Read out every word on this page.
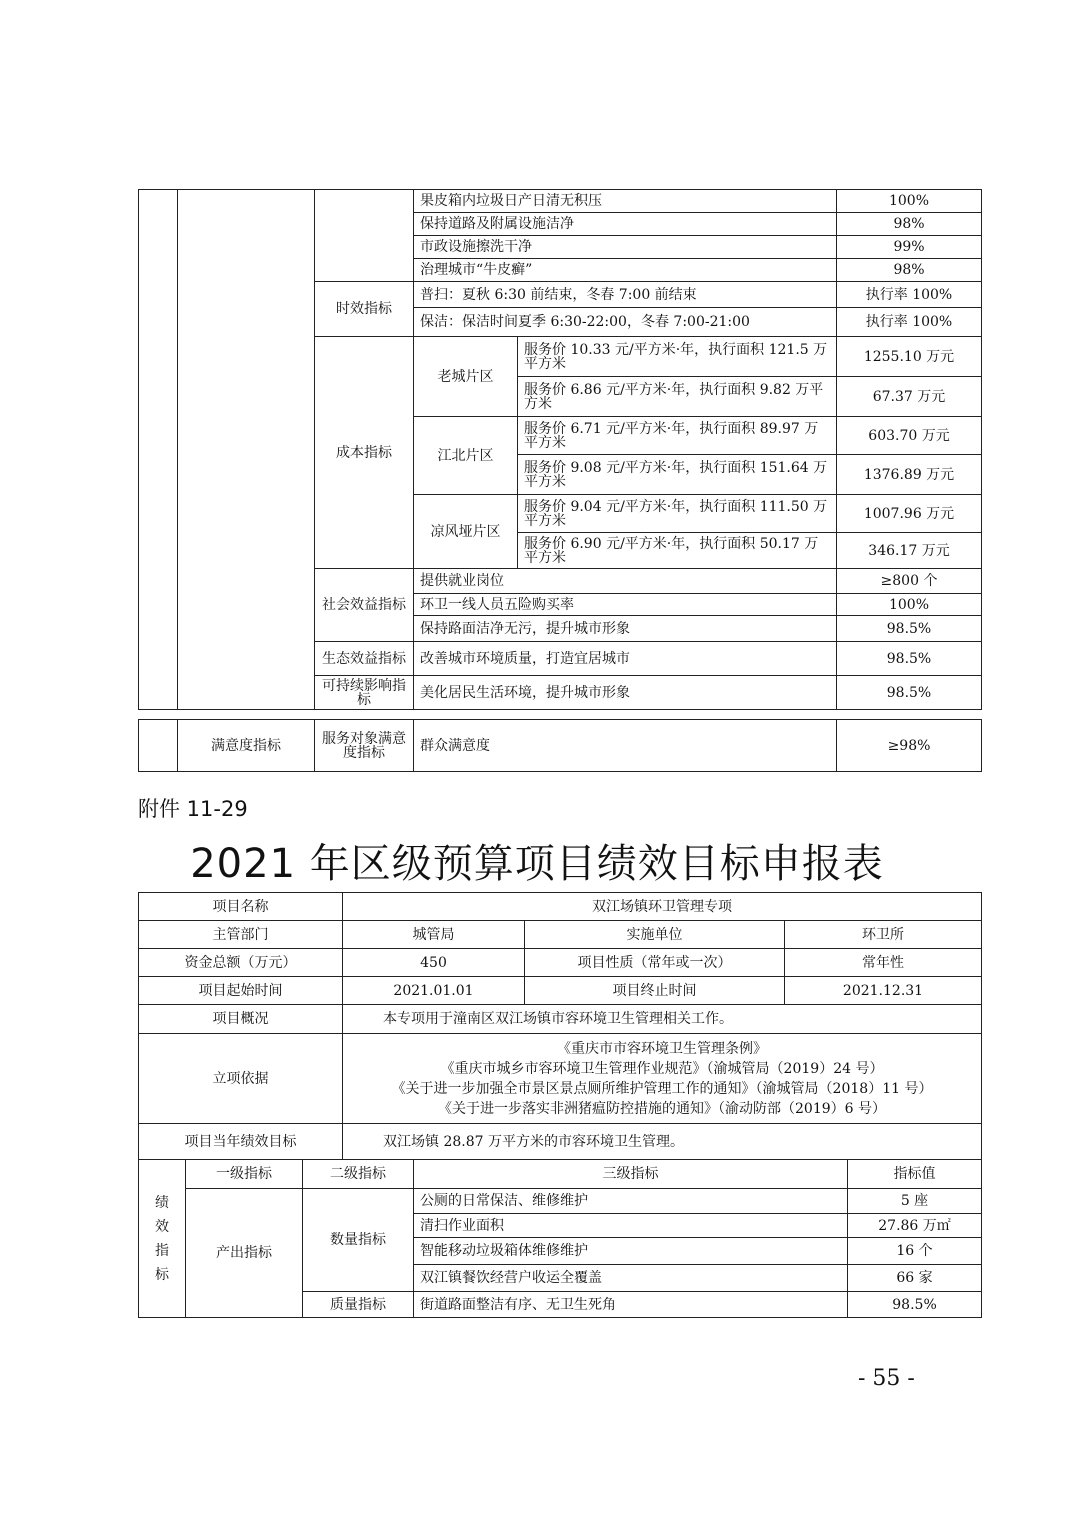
			果皮箱内垃圾日产日清无积压		100%
			保持道路及附属设施洁净		98%
			市政设施擦洗干净		99%
			治理城市“牛皮癣”		98%
		时效指标	普扫：夏秋 6:30 前结束，冬春 7:00 前结束		执行率 100%
			保洁：保洁时间夏季 6:30-22:00，冬春 7:00-21:00		执行率 100%
		成本指标	老城片区	服务价 10.33 元/平方米·年，执行面积 121.5 万平方米	1255.10 万元
				服务价 6.86 元/平方米·年，执行面积 9.82 万平方米	67.37 万元
			江北片区	服务价 6.71 元/平方米·年，执行面积 89.97 万平方米	603.70 万元
				服务价 9.08 元/平方米·年，执行面积 151.64 万平方米	1376.89 万元
			凉风垭片区	服务价 9.04 元/平方米·年，执行面积 111.50 万平方米	1007.96 万元
				服务价 6.90 元/平方米·年，执行面积 50.17 万平方米	346.17 万元
		社会效益指标	提供就业岗位		≥800 个
			环卫一线人员五险购买率		100%
			保持路面洁净无污，提升城市形象		98.5%
		生态效益指标	改善城市环境质量，打造宜居城市		98.5%
		可持续影响指标	美化居民生活环境，提升城市形象		98.5%
	满意度指标	服务对象满意度指标	群众满意度	≥98%
附件 11-29
2021 年区级预算项目绩效目标申报表
项目名称			双江场镇环卫管理专项				
主管部门			城管局		实施单位	环卫所	
资金总额（万元）			450		项目性质（常年或一次）	常年性	
项目起始时间			2021.01.01		项目终止时间	2021.12.31	
项目概况			本专项用于潼南区双江场镇市容环境卫生管理相关工作。				
立项依据			《重庆市市容环境卫生管理条例》
《重庆市城乡市容环境卫生管理作业规范》（渝城管局（2019）24 号）
《关于进一步加强全市景区景点厕所维护管理工作的通知》（渝城管局（2018）11 号）
《关于进一步落实非洲猪瘟防控措施的通知》（渝动防部（2019）6 号）				

项目当年绩效目标			双江场镇 28.87 万平方米的市容环境卫生管理。				

绩
效
指
标	一级指标	二级指标		三级指标			指标值
	产出指标	数量指标		公厕的日常保洁、维修维护			5 座
				清扫作业面积			27.86 万㎡
				智能移动垃圾箱体维修维护			16 个
				双江镇餐饮经营户收运全覆盖			66 家
		质量指标		街道路面整洁有序、无卫生死角			98.5%
- 55 -
